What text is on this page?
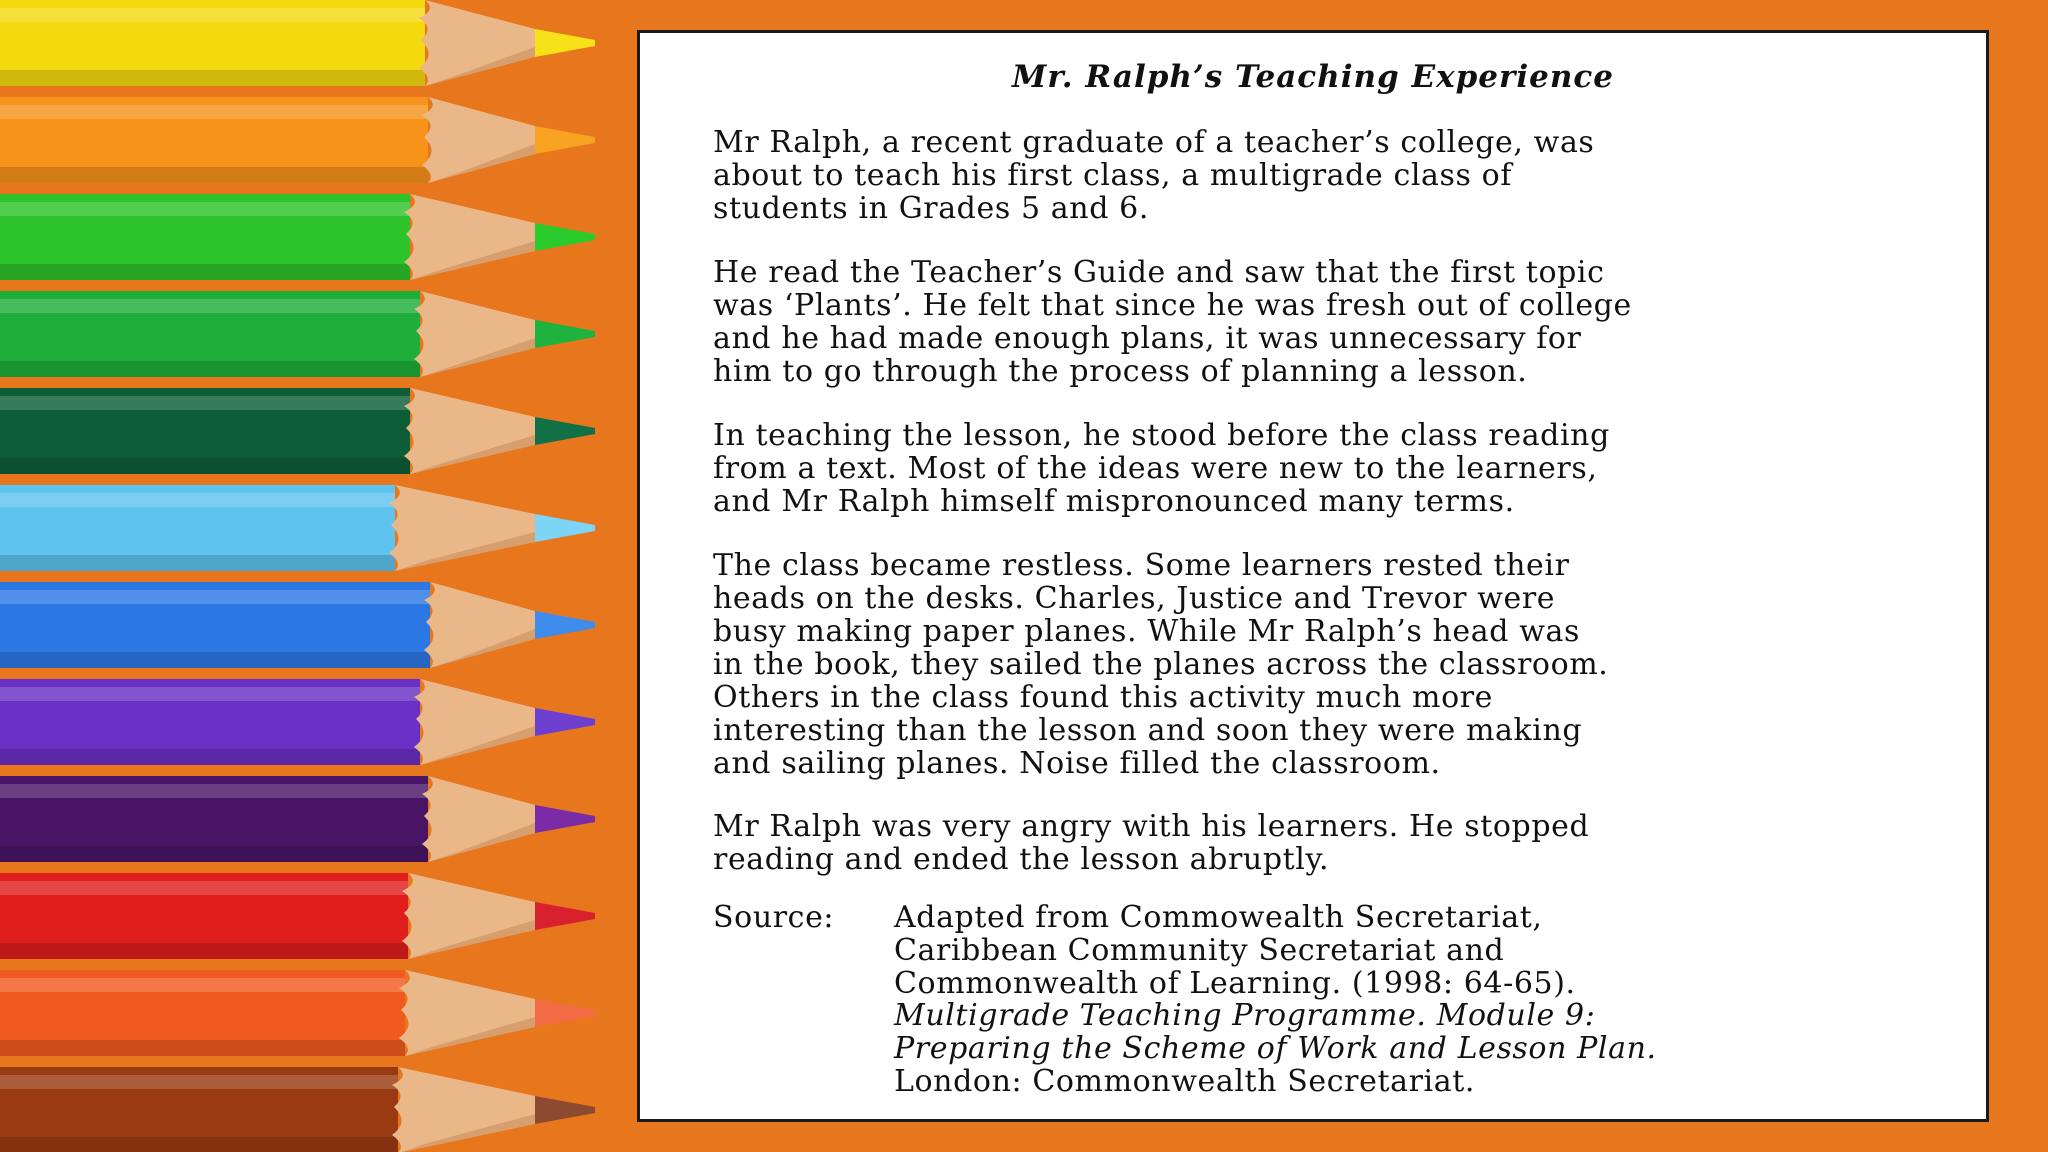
Mr. Ralph’s Teaching Experience

Mr Ralph, a recent graduate of a teacher’s college, was
about to teach his first class, a multigrade class of
students in Grades 5 and 6.

He read the Teacher’s Guide and saw that the first topic
was ‘Plants’. He felt that since he was fresh out of college
and he had made enough plans, it was unnecessary for
him to go through the process of planning a lesson.

In teaching the lesson, he stood before the class reading
from a text. Most of the ideas were new to the learners,
and Mr Ralph himself mispronounced many terms.

The class became restless. Some learners rested their
heads on the desks. Charles, Justice and Trevor were
busy making paper planes. While Mr Ralph’s head was
in the book, they sailed the planes across the classroom.
Others in the class found this activity much more
interesting than the lesson and soon they were making
and sailing planes. Noise filled the classroom.

Mr Ralph was very angry with his learners. He stopped
reading and ended the lesson abruptly.

Source: Adapted from Commowealth Secretariat,
Caribbean Community Secretariat and
Commonwealth of Learning. (1998: 64-65).
Multigrade Teaching Programme. Module 9:
Preparing the Scheme of Work and Lesson Plan.
London: Commonwealth Secretariat.
